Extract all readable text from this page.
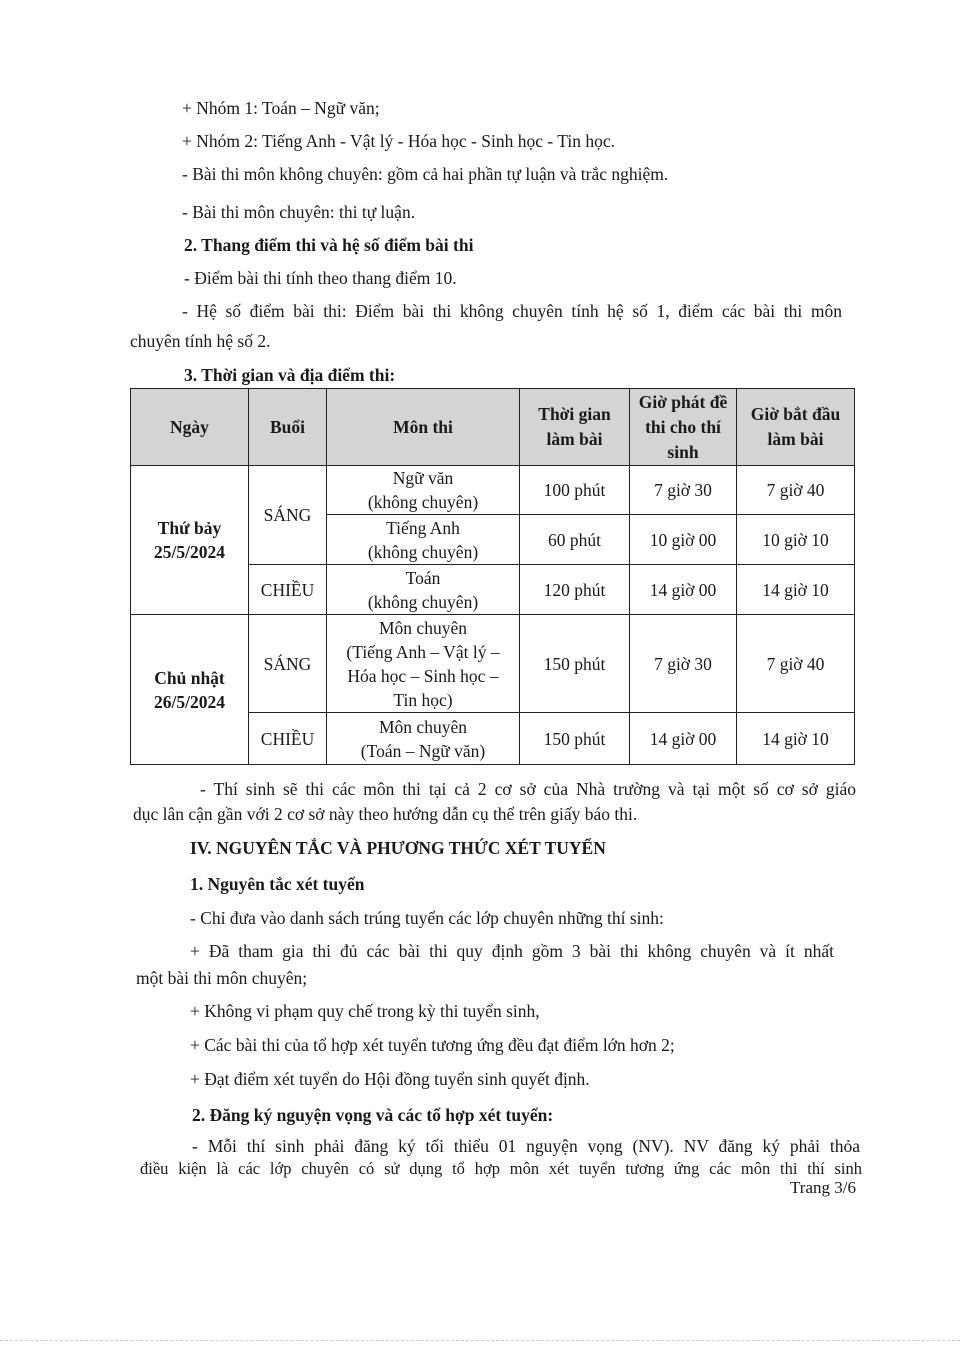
+ Nhóm 1: Toán – Ngữ văn;
+ Nhóm 2: Tiếng Anh - Vật lý - Hóa học - Sinh học - Tin học.
- Bài thi môn không chuyên: gồm cả hai phần tự luận và trắc nghiệm.
- Bài thi môn chuyên: thi tự luận.
2. Thang điểm thi và hệ số điểm bài thi
- Điểm bài thi tính theo thang điểm 10.
- Hệ số điểm bài thi: Điểm bài thi không chuyên tính hệ số 1, điểm các bài thi môn
chuyên tính hệ số 2.
3. Thời gian và địa điểm thi:
Ngày	Buổi	Môn thi	Thời gian làm bài	Giờ phát đề thi cho thí sinh	Giờ bắt đầu làm bài
Thứ bảy 25/5/2024	SÁNG	Ngữ văn
(không chuyên)	100 phút	7 giờ 30	7 giờ 40

		Tiếng Anh
(không chuyên)	60 phút	10 giờ 00	10 giờ 10
	CHIỀU	Toán
(không chuyên)	120 phút	14 giờ 00	14 giờ 10
Chủ nhật 26/5/2024	SÁNG	Môn chuyên
(Tiếng Anh – Vật lý –
Hóa học – Sinh học –
Tin học)	150 phút	7 giờ 30	7 giờ 40
	CHIỀU	Môn chuyên
(Toán – Ngữ văn)	150 phút	14 giờ 00	14 giờ 10
- Thí sinh sẽ thi các môn thi tại cả 2 cơ sở của Nhà trường và tại một số cơ sở giáo
dục lân cận gần với 2 cơ sở này theo hướng dẫn cụ thể trên giấy báo thi.
IV. NGUYÊN TẮC VÀ PHƯƠNG THỨC XÉT TUYỂN
1. Nguyên tắc xét tuyển
- Chỉ đưa vào danh sách trúng tuyển các lớp chuyên những thí sinh:
+ Đã tham gia thi đủ các bài thi quy định gồm 3 bài thi không chuyên và ít nhất
một bài thi môn chuyên;
+ Không vi phạm quy chế trong kỳ thi tuyển sinh,
+ Các bài thi của tổ hợp xét tuyển tương ứng đều đạt điểm lớn hơn 2;
+ Đạt điểm xét tuyển do Hội đồng tuyển sinh quyết định.
2. Đăng ký nguyện vọng và các tổ hợp xét tuyển:
- Mỗi thí sinh phải đăng ký tối thiểu 01 nguyện vọng (NV). NV đăng ký phải thỏa
điều kiện là các lớp chuyên có sử dụng tổ hợp môn xét tuyển tương ứng các môn thi thí sinh
Trang 3/6
